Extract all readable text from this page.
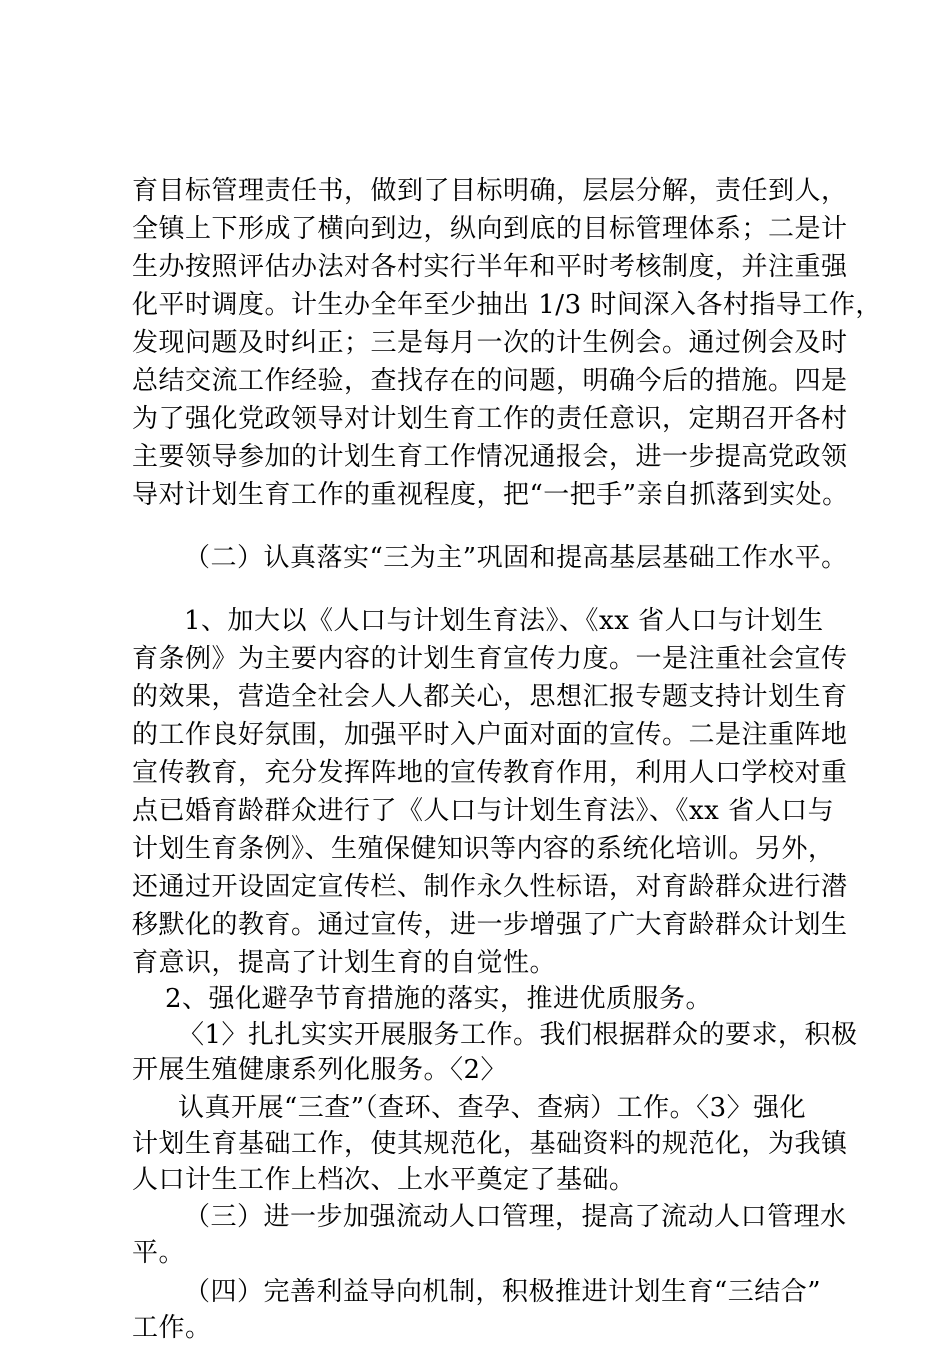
育目标管理责任书，做到了目标明确，层层分解，责任到人，
全镇上下形成了横向到边，纵向到底的目标管理体系；二是计
生办按照评估办法对各村实行半年和平时考核制度，并注重强
化平时调度。计生办全年至少抽出 1/3 时间深入各村指导工作，
发现问题及时纠正；三是每月一次的计生例会。通过例会及时
总结交流工作经验，查找存在的问题，明确今后的措施。四是
为了强化党政领导对计划生育工作的责任意识，定期召开各村
主要领导参加的计划生育工作情况通报会，进一步提高党政领
导对计划生育工作的重视程度，把“一把手”亲自抓落到实处。
（二）认真落实“三为主”巩固和提高基层基础工作水平。
1、加大以《人口与计划生育法》、《xx 省人口与计划生
育条例》为主要内容的计划生育宣传力度。一是注重社会宣传
的效果，营造全社会人人都关心，思想汇报专题支持计划生育
的工作良好氛围，加强平时入户面对面的宣传。二是注重阵地
宣传教育，充分发挥阵地的宣传教育作用，利用人口学校对重
点已婚育龄群众进行了《人口与计划生育法》、《xx 省人口与
计划生育条例》、生殖保健知识等内容的系统化培训。另外，
还通过开设固定宣传栏、制作永久性标语，对育龄群众进行潜
移默化的教育。通过宣传，进一步增强了广大育龄群众计划生
育意识，提高了计划生育的自觉性。
2、强化避孕节育措施的落实，推进优质服务。
〈1〉扎扎实实开展服务工作。我们根据群众的要求，积极
开展生殖健康系列化服务。〈2〉
认真开展“三查”（查环、查孕、查病）工作。〈3〉强化
计划生育基础工作，使其规范化，基础资料的规范化，为我镇
人口计生工作上档次、上水平奠定了基础。
（三）进一步加强流动人口管理，提高了流动人口管理水
平。
（四）完善利益导向机制，积极推进计划生育“三结合”
工作。
